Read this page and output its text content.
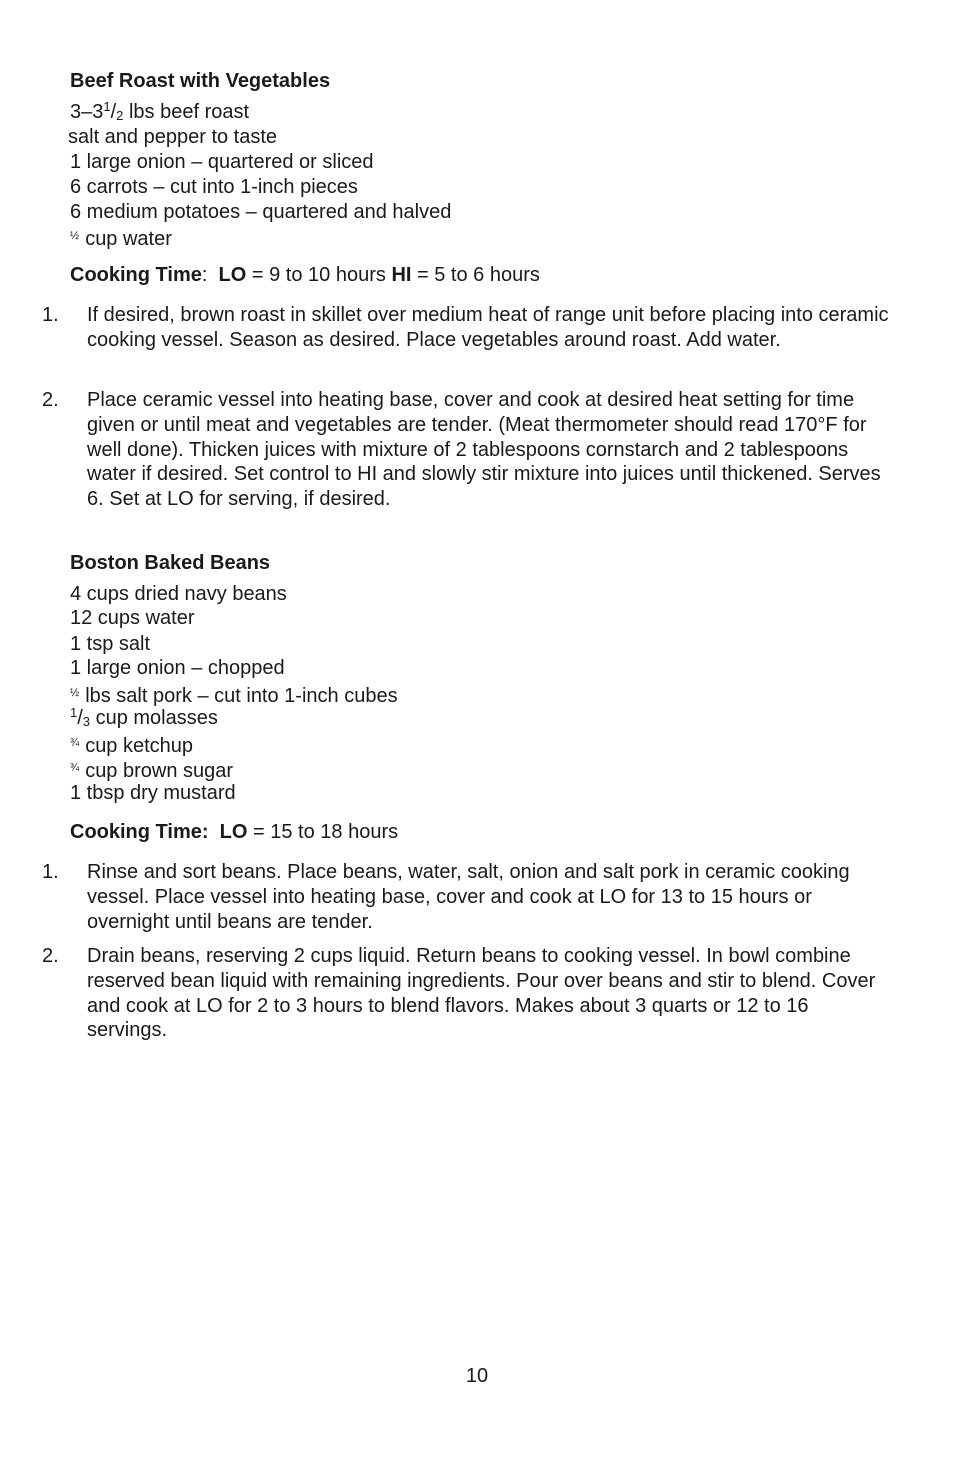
Beef Roast with Vegetables
$3-3^1/_2$ lbs beef roast
salt and pepper to taste
1 large onion – quartered or sliced
6 carrots – cut into 1-inch pieces
6 medium potatoes – quartered and halved
$^{\frac{1}{2}}$ cup water
Cooking Time:  LO = 9 to 10 hours HI = 5 to 6 hours
1. If desired, brown roast in skillet over medium heat of range unit before placing into ceramic cooking vessel. Season as desired. Place vegetables around roast. Add water.
2. Place ceramic vessel into heating base, cover and cook at desired heat setting for time given or until meat and vegetables are tender. (Meat thermometer should read 170°F for well done). Thicken juices with mixture of 2 tablespoons cornstarch and 2 tablespoons water if desired. Set control to HI and slowly stir mixture into juices until thickened. Serves 6. Set at LO for serving, if desired.
Boston Baked Beans
4 cups dried navy beans
12 cups water
1 tsp salt
1 large onion – chopped
$^{\frac{1}{2}}$ lbs salt pork – cut into 1-inch cubes
$^1/_3$ cup molasses
$^{\frac{3}{4}}$ cup ketchup
$^{\frac{3}{4}}$ cup brown sugar
1 tbsp dry mustard
Cooking Time: LO = 15 to 18 hours
1. Rinse and sort beans. Place beans, water, salt, onion and salt pork in ceramic cooking vessel. Place vessel into heating base, cover and cook at LO for 13 to 15 hours or overnight until beans are tender.
2. Drain beans, reserving 2 cups liquid. Return beans to cooking vessel. In bowl combine reserved bean liquid with remaining ingredients. Pour over beans and stir to blend. Cover and cook at LO for 2 to 3 hours to blend flavors. Makes about 3 quarts or 12 to 16 servings.
10
